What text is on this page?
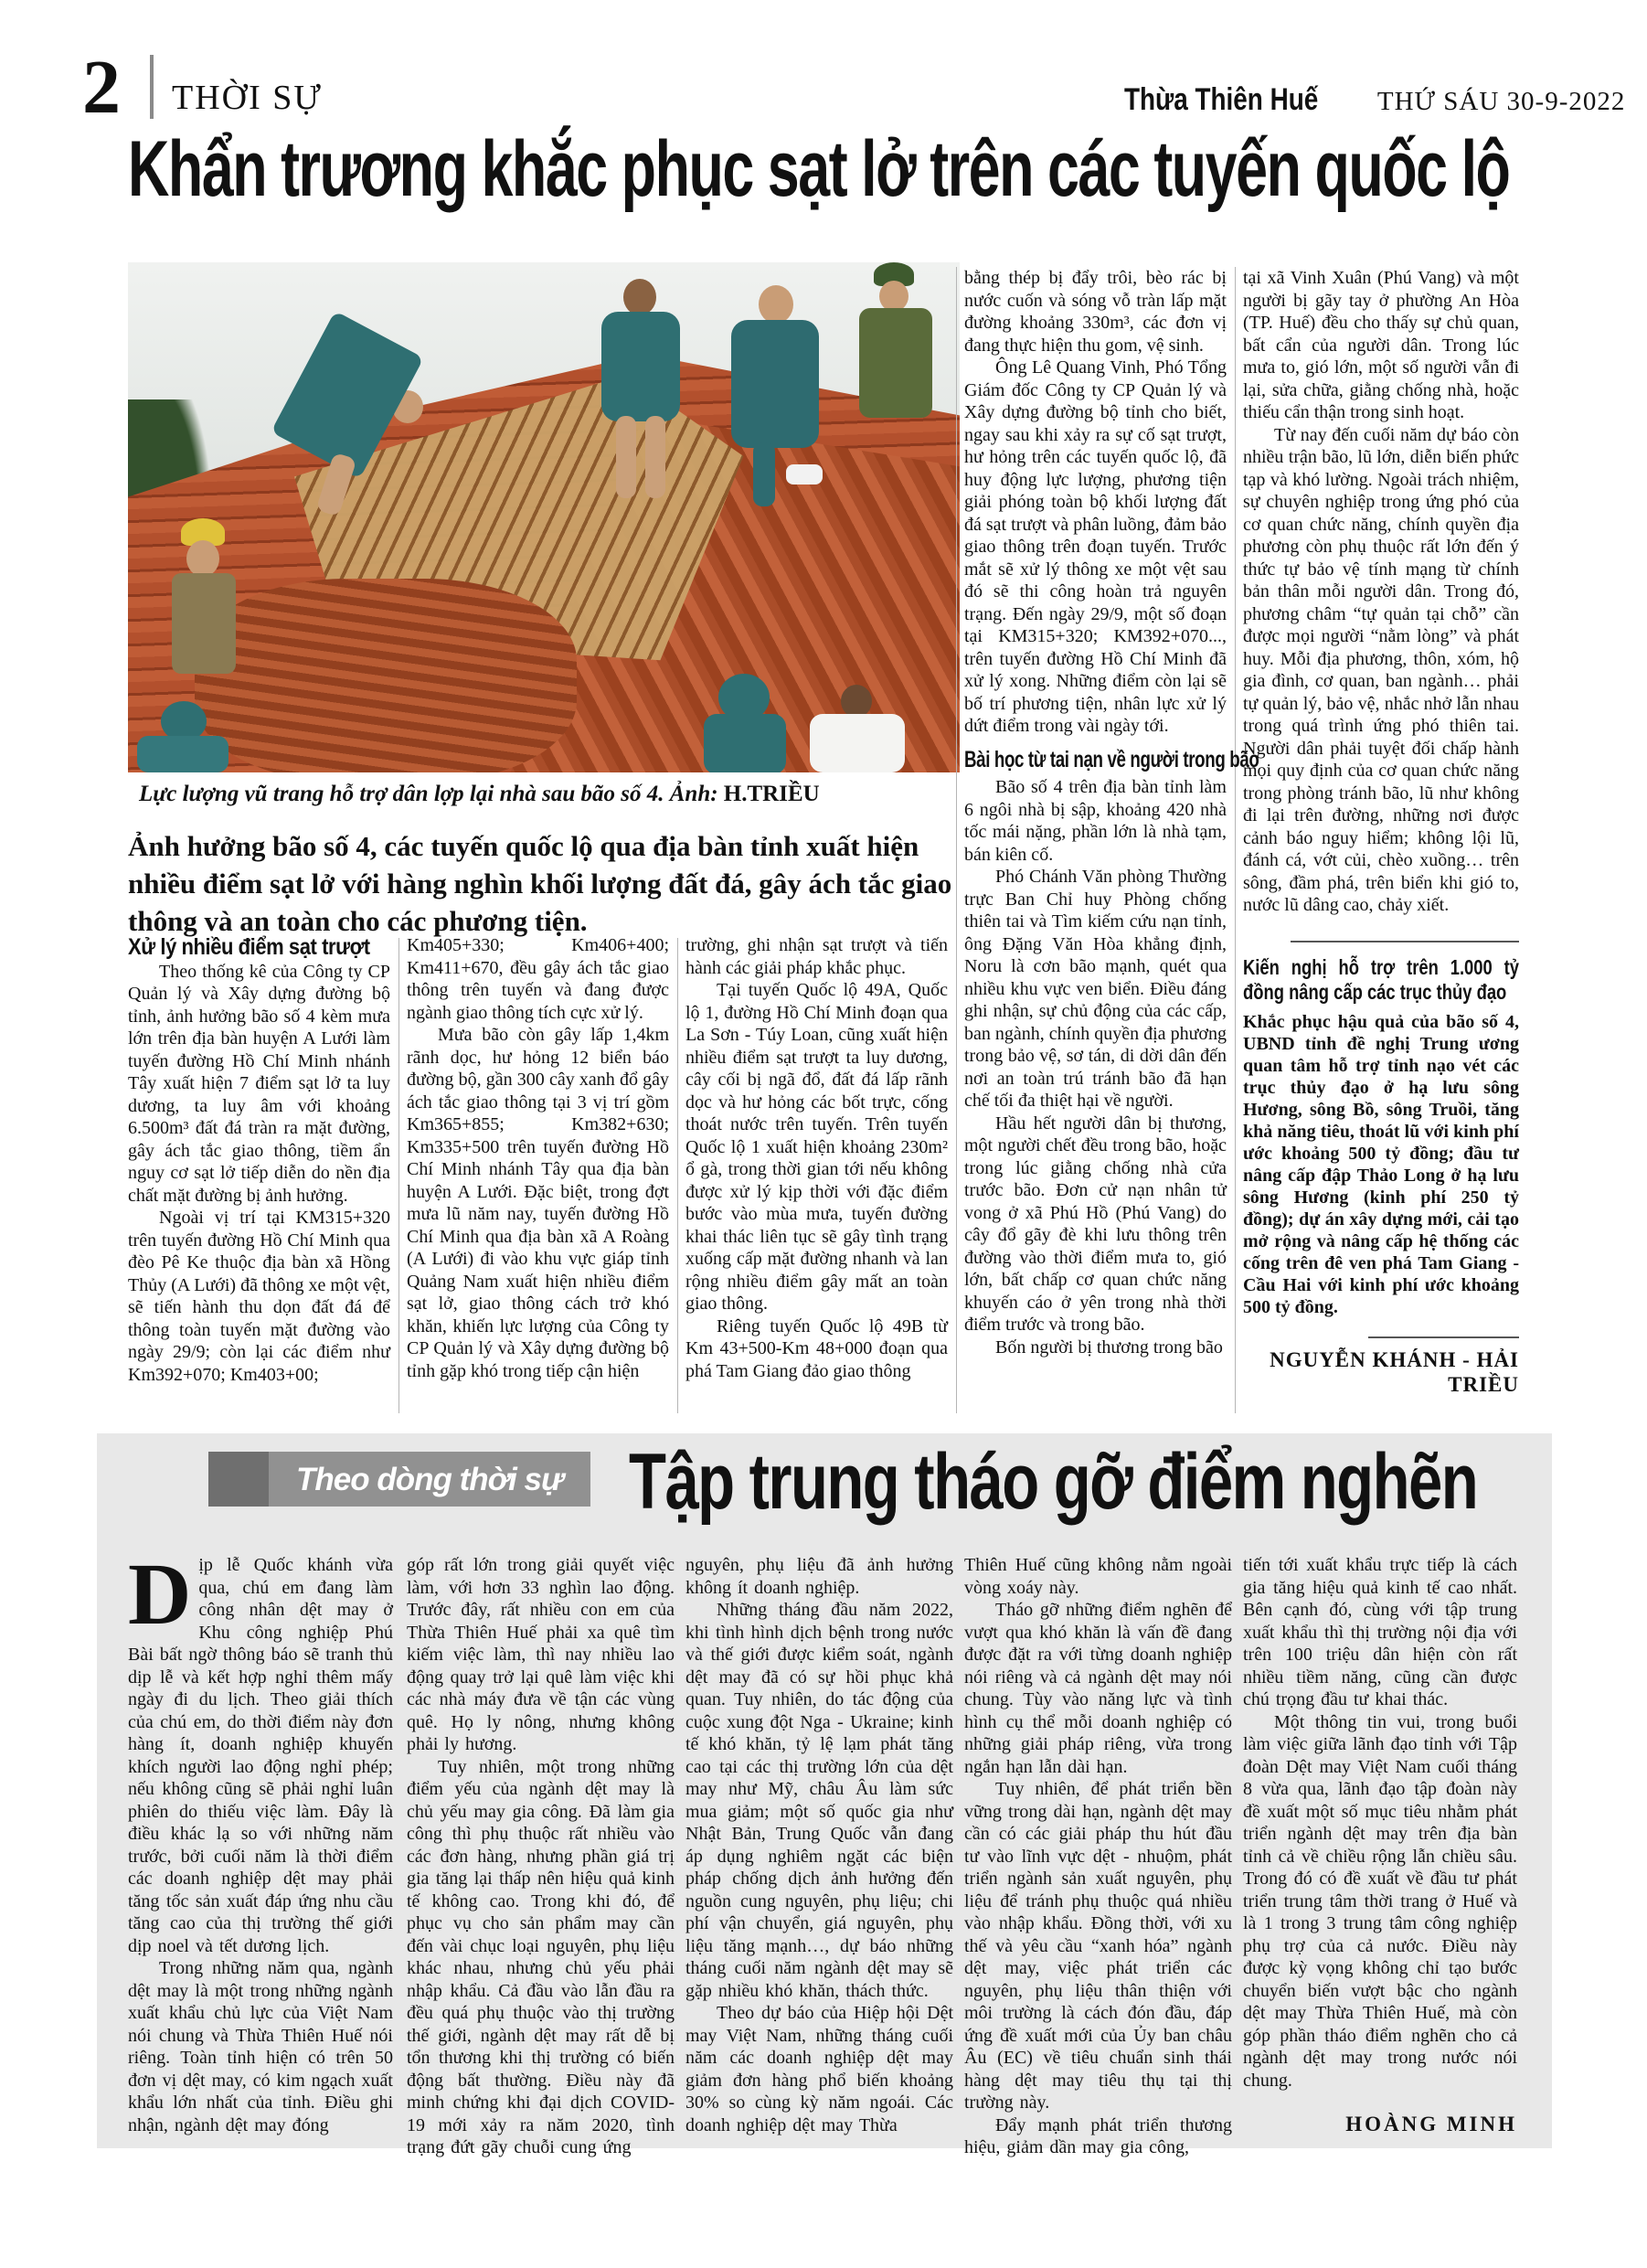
2 THỜI SỰ	Thừa Thiên Huế THỨ SÁU 30-9-2022
Khẩn trương khắc phục sạt lở trên các tuyến quốc lộ
Lực lượng vũ trang hỗ trợ dân lợp lại nhà sau bão số 4. Ảnh: H.TRIỀU
Ảnh hưởng bão số 4, các tuyến quốc lộ qua địa bàn tỉnh xuất hiện nhiều điểm sạt lở với hàng nghìn khối lượng đất đá, gây ách tắc giao thông và an toàn cho các phương tiện.
Xử lý nhiều điểm sạt trượt

Theo thống kê của Công ty CP Quản lý và Xây dựng đường bộ tỉnh, ảnh hưởng bão số 4 kèm mưa lớn trên địa bàn huyện A Lưới làm tuyến đường Hồ Chí Minh nhánh Tây xuất hiện 7 điểm sạt lở ta luy dương, ta luy âm với khoảng 6.500m³ đất đá tràn ra mặt đường, gây ách tắc giao thông, tiềm ẩn nguy cơ sạt lở tiếp diễn do nền địa chất mặt đường bị ảnh hưởng.

Ngoài vị trí tại KM315+320 trên tuyến đường Hồ Chí Minh qua đèo Pê Ke thuộc địa bàn xã Hồng Thủy (A Lưới) đã thông xe một vệt, sẽ tiến hành thu dọn đất đá để thông toàn tuyến mặt đường vào ngày 29/9; còn lại các điểm như Km392+070; Km403+00;

Km405+330; Km406+400; Km411+670, đều gây ách tắc giao thông trên tuyến và đang được ngành giao thông tích cực xử lý.

Mưa bão còn gây lấp 1,4km rãnh dọc, hư hỏng 12 biển báo đường bộ, gần 300 cây xanh đổ gây ách tắc giao thông tại 3 vị trí gồm Km365+855; Km382+630; Km335+500 trên tuyến đường Hồ Chí Minh nhánh Tây qua địa bàn huyện A Lưới. Đặc biệt, trong đợt mưa lũ năm nay, tuyến đường Hồ Chí Minh qua địa bàn xã A Roàng (A Lưới) đi vào khu vực giáp tỉnh Quảng Nam xuất hiện nhiều điểm sạt lở, giao thông cách trở khó khăn, khiến lực lượng của Công ty CP Quản lý và Xây dựng đường bộ tỉnh gặp khó trong tiếp cận hiện

trường, ghi nhận sạt trượt và tiến hành các giải pháp khắc phục.

Tại tuyến Quốc lộ 49A, Quốc lộ 1, đường Hồ Chí Minh đoạn qua La Sơn - Túy Loan, cũng xuất hiện nhiều điểm sạt trượt ta luy dương, cây cối bị ngã đổ, đất đá lấp rãnh dọc và hư hỏng các bốt trực, cống thoát nước trên tuyến. Trên tuyến Quốc lộ 1 xuất hiện khoảng 230m² ổ gà, trong thời gian tới nếu không được xử lý kịp thời với đặc điểm bước vào mùa mưa, tuyến đường khai thác liên tục sẽ gây tình trạng xuống cấp mặt đường nhanh và lan rộng nhiều điểm gây mất an toàn giao thông.

Riêng tuyến Quốc lộ 49B từ Km 43+500-Km 48+000 đoạn qua phá Tam Giang đảo giao thông

bằng thép bị đẩy trôi, bèo rác bị nước cuốn và sóng vỗ tràn lấp mặt đường khoảng 330m³, các đơn vị đang thực hiện thu gom, vệ sinh.

Ông Lê Quang Vinh, Phó Tổng Giám đốc Công ty CP Quản lý và Xây dựng đường bộ tỉnh cho biết, ngay sau khi xảy ra sự cố sạt trượt, hư hỏng trên các tuyến quốc lộ, đã huy động lực lượng, phương tiện giải phóng toàn bộ khối lượng đất đá sạt trượt và phân luồng, đảm bảo giao thông trên đoạn tuyến. Trước mắt sẽ xử lý thông xe một vệt sau đó sẽ thi công hoàn trả nguyên trạng. Đến ngày 29/9, một số đoạn tại KM315+320; KM392+070..., trên tuyến đường Hồ Chí Minh đã xử lý xong. Những điểm còn lại sẽ bố trí phương tiện, nhân lực xử lý dứt điểm trong vài ngày tới.

Bài học từ tai nạn về người trong bão

Bão số 4 trên địa bàn tỉnh làm 6 ngôi nhà bị sập, khoảng 420 nhà tốc mái nặng, phần lớn là nhà tạm, bán kiên cố.

Phó Chánh Văn phòng Thường trực Ban Chỉ huy Phòng chống thiên tai và Tìm kiếm cứu nạn tỉnh, ông Đặng Văn Hòa khẳng định, Noru là cơn bão mạnh, quét qua nhiều khu vực ven biển. Điều đáng ghi nhận, sự chủ động của các cấp, ban ngành, chính quyền địa phương trong bảo vệ, sơ tán, di dời dân đến nơi an toàn trú tránh bão đã hạn chế tối đa thiệt hại về người.

Hầu hết người dân bị thương, một người chết đều trong bão, hoặc trong lúc giằng chống nhà cửa trước bão. Đơn cử nạn nhân tử vong ở xã Phú Hồ (Phú Vang) do cây đổ gãy đè khi lưu thông trên đường vào thời điểm mưa to, gió lớn, bất chấp cơ quan chức năng khuyến cáo ở yên trong nhà thời điểm trước và trong bão.

Bốn người bị thương trong bão

tại xã Vinh Xuân (Phú Vang) và một người bị gãy tay ở phường An Hòa (TP. Huế) đều cho thấy sự chủ quan, bất cẩn của người dân. Trong lúc mưa to, gió lớn, một số người vẫn đi lại, sửa chữa, giằng chống nhà, hoặc thiếu cẩn thận trong sinh hoạt.

Từ nay đến cuối năm dự báo còn nhiều trận bão, lũ lớn, diễn biến phức tạp và khó lường. Ngoài trách nhiệm, sự chuyên nghiệp trong ứng phó của cơ quan chức năng, chính quyền địa phương còn phụ thuộc rất lớn đến ý thức tự bảo vệ tính mạng từ chính bản thân mỗi người dân. Trong đó, phương châm “tự quản tại chỗ” cần được mọi người “nằm lòng” và phát huy. Mỗi địa phương, thôn, xóm, hộ gia đình, cơ quan, ban ngành… phải tự quản lý, bảo vệ, nhắc nhở lẫn nhau trong quá trình ứng phó thiên tai. Người dân phải tuyệt đối chấp hành mọi quy định của cơ quan chức năng trong phòng tránh bão, lũ như không đi lại trên đường, những nơi được cảnh báo nguy hiểm; không lội lũ, đánh cá, vớt củi, chèo xuồng… trên sông, đầm phá, trên biển khi gió to, nước lũ dâng cao, chảy xiết.

Kiến nghị hỗ trợ trên 1.000 tỷ đồng nâng cấp các trục thủy đạo
Khắc phục hậu quả của bão số 4, UBND tỉnh đề nghị Trung ương quan tâm hỗ trợ tỉnh nạo vét các trục thủy đạo ở hạ lưu sông Hương, sông Bồ, sông Truồi, tăng khả năng tiêu, thoát lũ với kinh phí ước khoảng 500 tỷ đồng; đầu tư nâng cấp đập Thảo Long ở hạ lưu sông Hương (kinh phí 250 tỷ đồng); dự án xây dựng mới, cải tạo mở rộng và nâng cấp hệ thống các cống trên đê ven phá Tam Giang - Cầu Hai với kinh phí ước khoảng 500 tỷ đồng.
NGUYỄN KHÁNH - HẢI TRIỀU
Theo dòng thời sự Tập trung tháo gỡ điểm nghẽn
D ịp lễ Quốc khánh vừa qua, chú em đang làm công nhân dệt may ở Khu công nghiệp Phú Bài bất ngờ thông báo sẽ tranh thủ dịp lễ và kết hợp nghỉ thêm mấy ngày đi du lịch. Theo giải thích của chú em, do thời điểm này đơn hàng ít, doanh nghiệp khuyến khích người lao động nghỉ phép; nếu không cũng sẽ phải nghỉ luân phiên do thiếu việc làm. Đây là điều khác lạ so với những năm trước, bởi cuối năm là thời điểm các doanh nghiệp dệt may phải tăng tốc sản xuất đáp ứng nhu cầu tăng cao của thị trường thế giới dịp noel và tết dương lịch.

Trong những năm qua, ngành dệt may là một trong những ngành xuất khẩu chủ lực của Việt Nam nói chung và Thừa Thiên Huế nói riêng. Toàn tỉnh hiện có trên 50 đơn vị dệt may, có kim ngạch xuất khẩu lớn nhất của tỉnh. Điều ghi nhận, ngành dệt may đóng

góp rất lớn trong giải quyết việc làm, với hơn 33 nghìn lao động. Trước đây, rất nhiều con em của Thừa Thiên Huế phải xa quê tìm kiếm việc làm, thì nay nhiều lao động quay trở lại quê làm việc khi các nhà máy đưa về tận các vùng quê. Họ ly nông, nhưng không phải ly hương.

Tuy nhiên, một trong những điểm yếu của ngành dệt may là chủ yếu may gia công. Đã làm gia công thì phụ thuộc rất nhiều vào các đơn hàng, nhưng phần giá trị gia tăng lại thấp nên hiệu quả kinh tế không cao. Trong khi đó, để phục vụ cho sản phẩm may cần đến vài chục loại nguyên, phụ liệu khác nhau, nhưng chủ yếu phải nhập khẩu. Cả đầu vào lẫn đầu ra đều quá phụ thuộc vào thị trường thế giới, ngành dệt may rất dễ bị tổn thương khi thị trường có biến động bất thường. Điều này đã minh chứng khi đại dịch COVID-19 mới xảy ra năm 2020, tình trạng đứt gãy chuỗi cung ứng

nguyên, phụ liệu đã ảnh hưởng không ít doanh nghiệp.

Những tháng đầu năm 2022, khi tình hình dịch bệnh trong nước và thế giới được kiểm soát, ngành dệt may đã có sự hồi phục khả quan. Tuy nhiên, do tác động của cuộc xung đột Nga - Ukraine; kinh tế khó khăn, tỷ lệ lạm phát tăng cao tại các thị trường lớn của dệt may như Mỹ, châu Âu làm sức mua giảm; một số quốc gia như Nhật Bản, Trung Quốc vẫn đang áp dụng nghiêm ngặt các biện pháp chống dịch ảnh hưởng đến nguồn cung nguyên, phụ liệu; chi phí vận chuyển, giá nguyên, phụ liệu tăng mạnh…, dự báo những tháng cuối năm ngành dệt may sẽ gặp nhiều khó khăn, thách thức.

Theo dự báo của Hiệp hội Dệt may Việt Nam, những tháng cuối năm các doanh nghiệp dệt may giảm đơn hàng phổ biến khoảng 30% so cùng kỳ năm ngoái. Các doanh nghiệp dệt may Thừa

Thiên Huế cũng không nằm ngoài vòng xoáy này.

Tháo gỡ những điểm nghẽn để vượt qua khó khăn là vấn đề đang được đặt ra với từng doanh nghiệp nói riêng và cả ngành dệt may nói chung. Tùy vào năng lực và tình hình cụ thể mỗi doanh nghiệp có những giải pháp riêng, vừa trong ngắn hạn lẫn dài hạn.

Tuy nhiên, để phát triển bền vững trong dài hạn, ngành dệt may cần có các giải pháp thu hút đầu tư vào lĩnh vực dệt - nhuộm, phát triển ngành sản xuất nguyên, phụ liệu để tránh phụ thuộc quá nhiều vào nhập khẩu. Đồng thời, với xu thế và yêu cầu “xanh hóa” ngành dệt may, việc phát triển các nguyên, phụ liệu thân thiện với môi trường là cách đón đầu, đáp ứng đề xuất mới của Ủy ban châu Âu (EC) về tiêu chuẩn sinh thái hàng dệt may tiêu thụ tại thị trường này.

Đẩy mạnh phát triển thương hiệu, giảm dần may gia công,

tiến tới xuất khẩu trực tiếp là cách gia tăng hiệu quả kinh tế cao nhất. Bên cạnh đó, cùng với tập trung xuất khẩu thì thị trường nội địa với trên 100 triệu dân hiện còn rất nhiều tiềm năng, cũng cần được chú trọng đầu tư khai thác.

Một thông tin vui, trong buổi làm việc giữa lãnh đạo tỉnh với Tập đoàn Dệt may Việt Nam cuối tháng 8 vừa qua, lãnh đạo tập đoàn này đề xuất một số mục tiêu nhằm phát triển ngành dệt may trên địa bàn tỉnh cả về chiều rộng lẫn chiều sâu. Trong đó có đề xuất về đầu tư phát triển trung tâm thời trang ở Huế và là 1 trong 3 trung tâm công nghiệp phụ trợ của cả nước. Điều này được kỳ vọng không chỉ tạo bước chuyển biến vượt bậc cho ngành dệt may Thừa Thiên Huế, mà còn góp phần tháo điểm nghẽn cho cả ngành dệt may trong nước nói chung.

HOÀNG MINH
